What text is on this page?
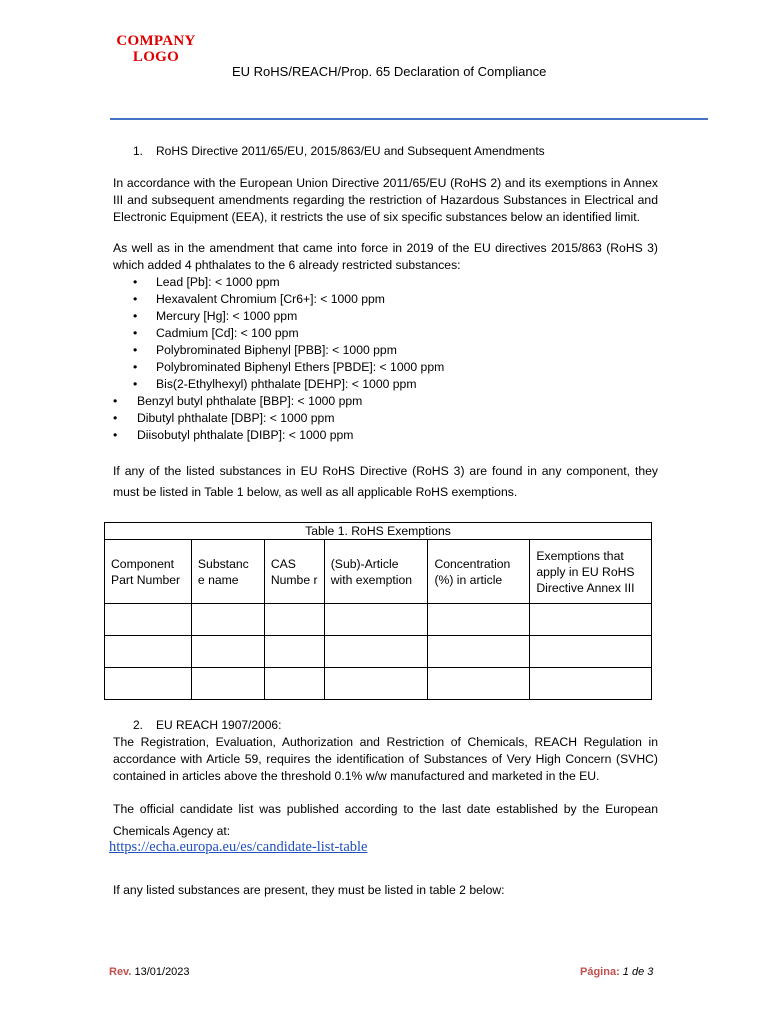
COMPANY
LOGO
EU RoHS/REACH/Prop. 65 Declaration of Compliance
1. RoHS Directive 2011/65/EU, 2015/863/EU and Subsequent Amendments
In accordance with the European Union Directive 2011/65/EU (RoHS 2) and its exemptions in Annex III and subsequent amendments regarding the restriction of Hazardous Substances in Electrical and Electronic Equipment (EEA), it restricts the use of six specific substances below an identified limit.
As well as in the amendment that came into force in 2019 of the EU directives 2015/863 (RoHS 3) which added 4 phthalates to the 6 already restricted substances:
• Lead [Pb]: < 1000 ppm
• Hexavalent Chromium [Cr6+]: < 1000 ppm
• Mercury [Hg]: < 1000 ppm
• Cadmium [Cd]: < 100 ppm
• Polybrominated Biphenyl [PBB]: < 1000 ppm
• Polybrominated Biphenyl Ethers [PBDE]: < 1000 ppm
• Bis(2-Ethylhexyl) phthalate [DEHP]: < 1000 ppm
• Benzyl butyl phthalate [BBP]: < 1000 ppm
• Dibutyl phthalate [DBP]: < 1000 ppm
• Diisobutyl phthalate [DIBP]: < 1000 ppm
If any of the listed substances in EU RoHS Directive (RoHS 3) are found in any component, they must be listed in Table 1 below, as well as all applicable RoHS exemptions.
Table 1. RoHS Exemptions					
Component Part Number	Substanc e name	CAS Numbe r	(Sub)-Article with exemption	Concentration (%) in article	Exemptions that apply in EU RoHS Directive Annex III

2. EU REACH 1907/2006:
The Registration, Evaluation, Authorization and Restriction of Chemicals, REACH Regulation in accordance with Article 59, requires the identification of Substances of Very High Concern (SVHC) contained in articles above the threshold 0.1% w/w manufactured and marketed in the EU.
The official candidate list was published according to the last date established by the European Chemicals Agency at:
https://echa.europa.eu/es/candidate-list-table
If any listed substances are present, they must be listed in table 2 below:
Rev. 13/01/2023	Página: 1 de 3
